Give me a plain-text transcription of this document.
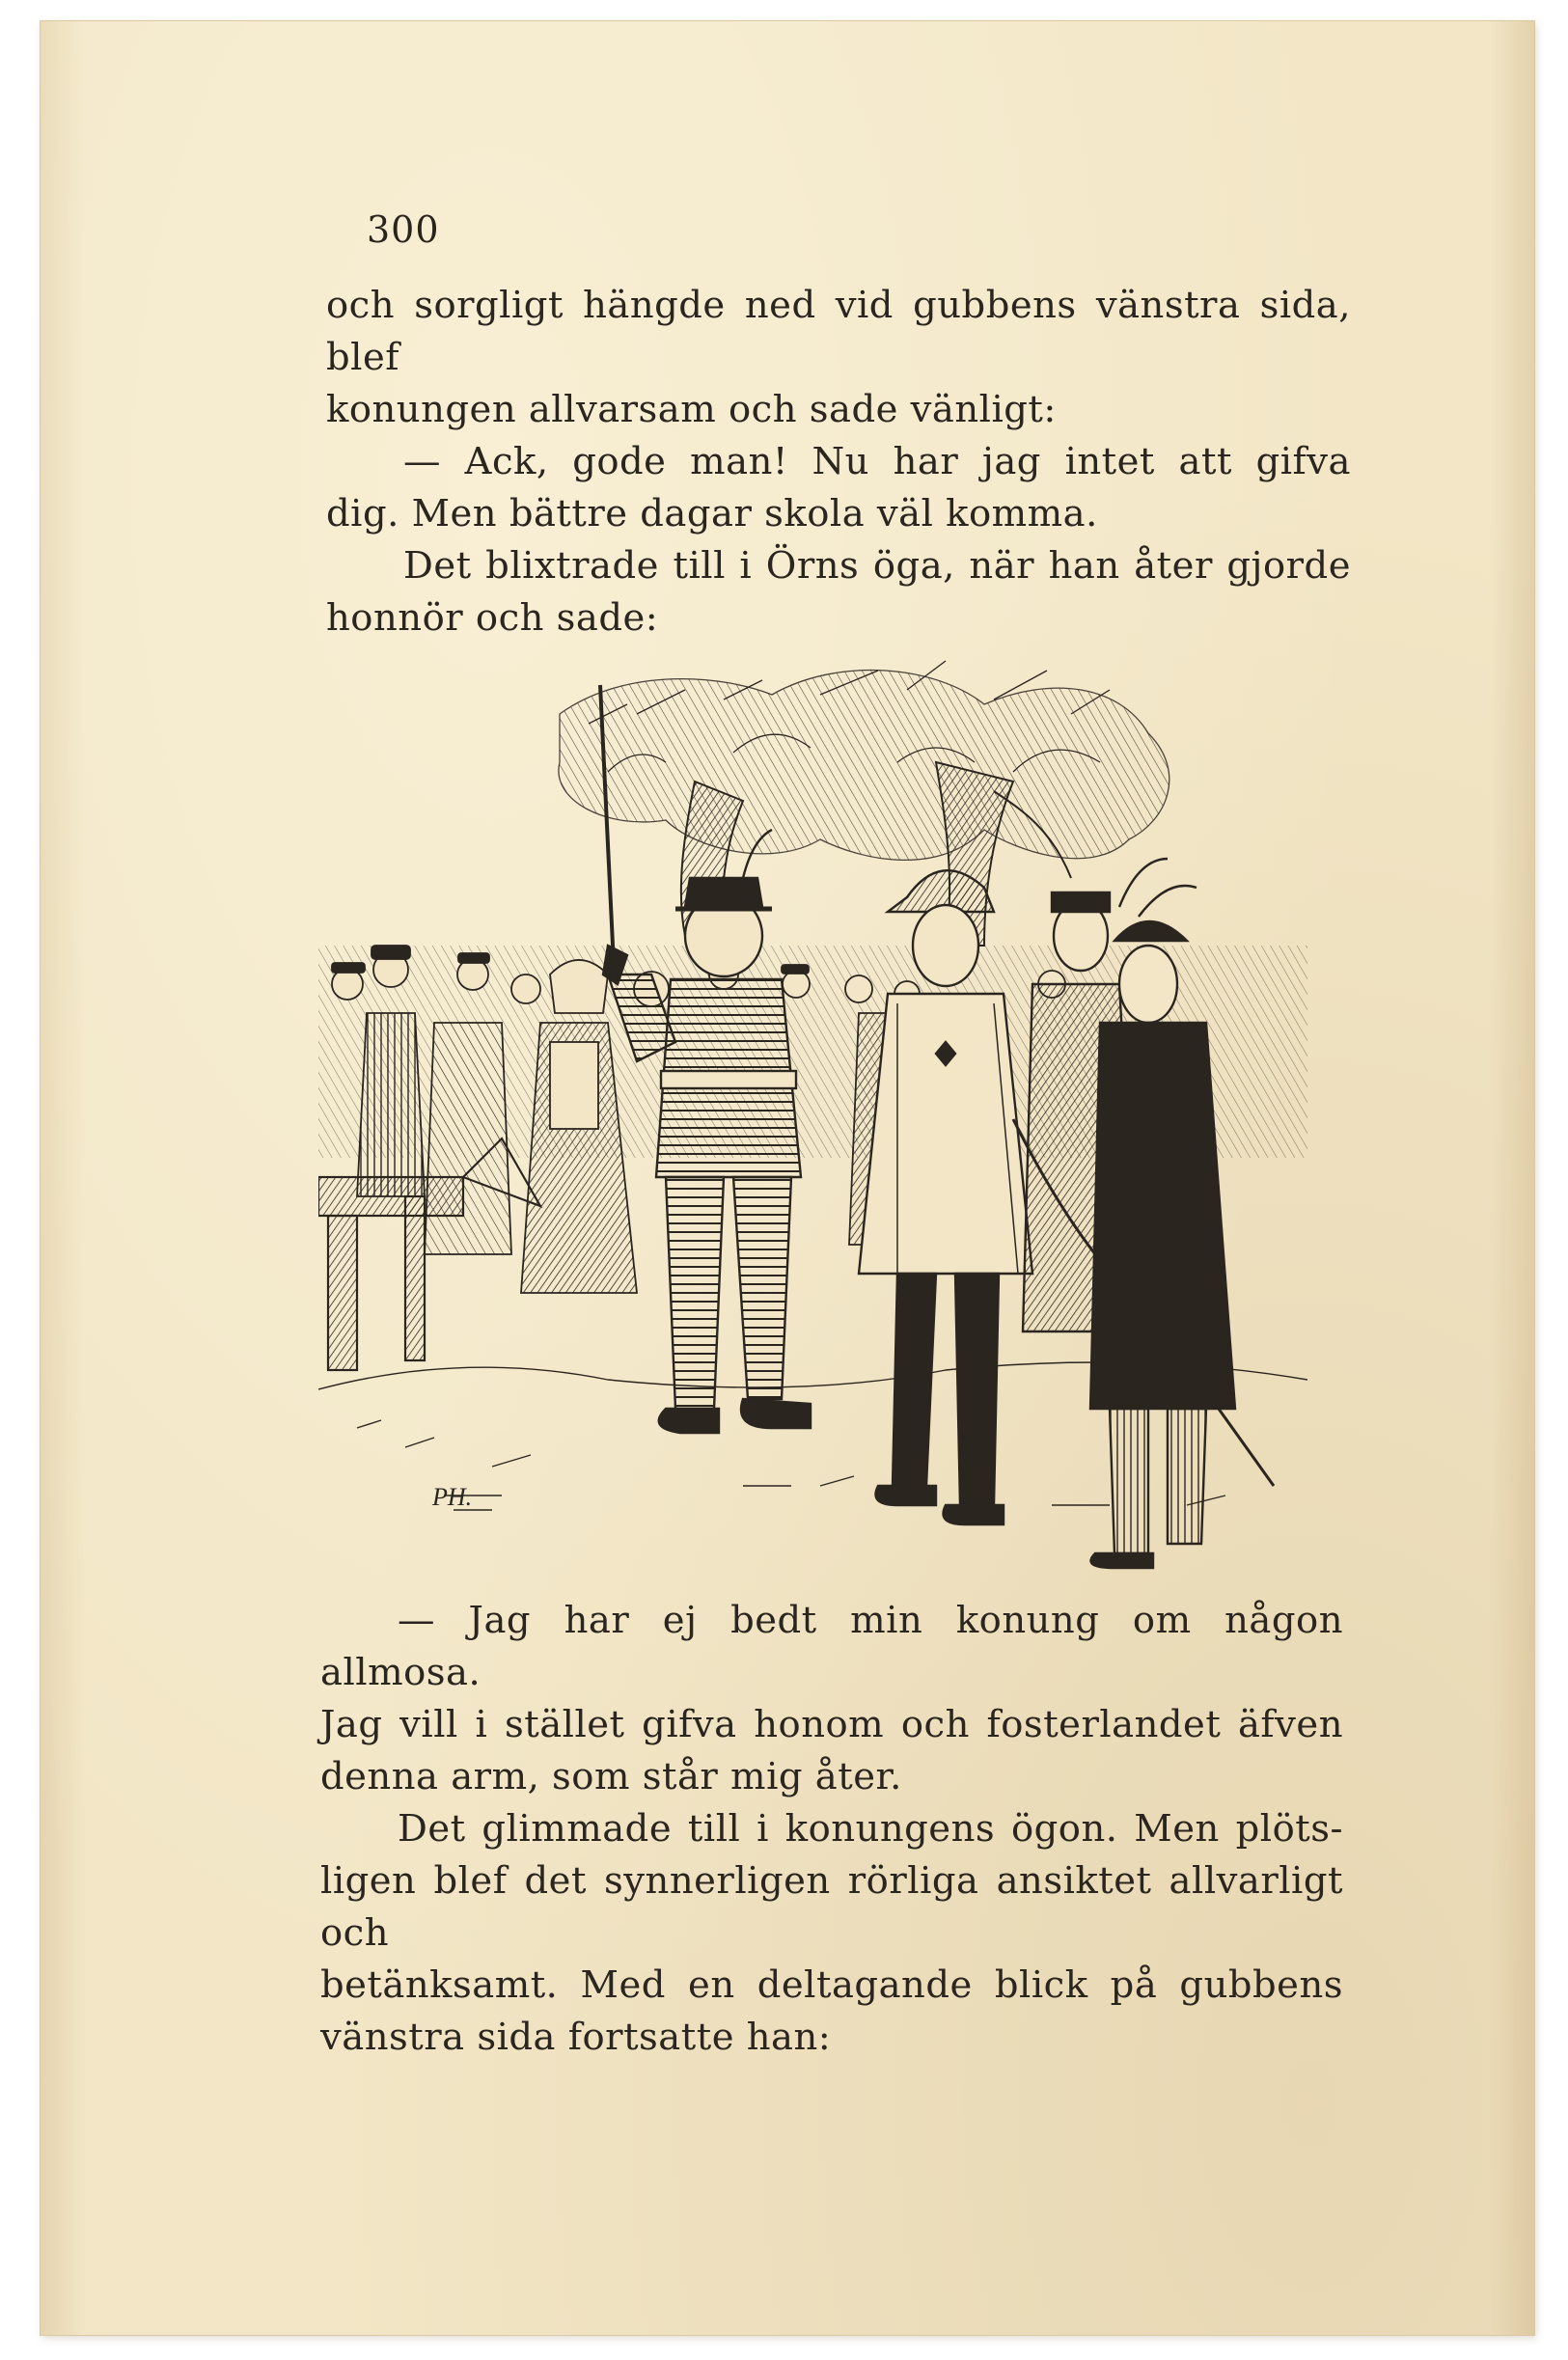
300

och sorgligt hängde ned vid gubbens vänstra sida, blef

konungen allvarsam och sade vänligt:

— Ack, gode man! Nu har jag intet att gifva

dig. Men bättre dagar skola väl komma.

Det blixtrade till i Örns öga, när han åter gjorde

honnör och sade:

PH.

— Jag har ej bedt min konung om någon allmosa.

Jag vill i stället gifva honom och fosterlandet äfven

denna arm, som står mig åter.

Det glimmade till i konungens ögon. Men plöts-

ligen blef det synnerligen rörliga ansiktet allvarligt och

betänksamt. Med en deltagande blick på gubbens

vänstra sida fortsatte han:
